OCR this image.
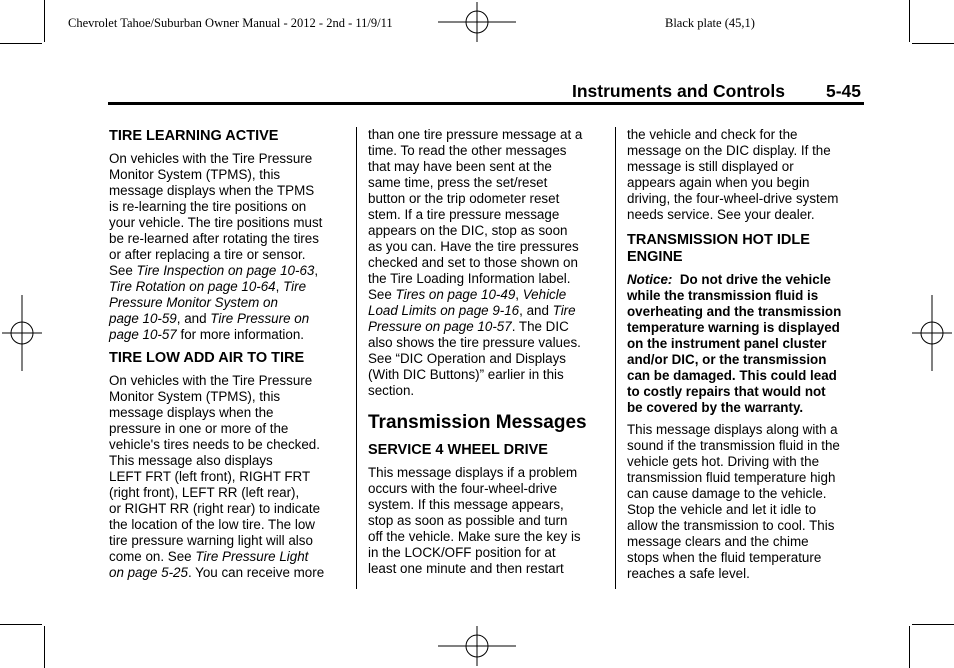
Chevrolet Tahoe/Suburban Owner Manual - 2012 - 2nd - 11/9/11	Black plate (45,1)
Instruments and Controls 5-45
TIRE LEARNING ACTIVE
On vehicles with the Tire Pressure
Monitor System (TPMS), this
message displays when the TPMS
is re-learning the tire positions on
your vehicle. The tire positions must
be re-learned after rotating the tires
or after replacing a tire or sensor.
See Tire Inspection on page 10-63,
Tire Rotation on page 10-64, Tire
Pressure Monitor System on
page 10-59, and Tire Pressure on
page 10-57 for more information.
TIRE LOW ADD AIR TO TIRE
On vehicles with the Tire Pressure
Monitor System (TPMS), this
message displays when the
pressure in one or more of the
vehicle's tires needs to be checked.
This message also displays
LEFT FRT (left front), RIGHT FRT
(right front), LEFT RR (left rear),
or RIGHT RR (right rear) to indicate
the location of the low tire. The low
tire pressure warning light will also
come on. See Tire Pressure Light
on page 5-25. You can receive more
than one tire pressure message at a
time. To read the other messages
that may have been sent at the
same time, press the set/reset
button or the trip odometer reset
stem. If a tire pressure message
appears on the DIC, stop as soon
as you can. Have the tire pressures
checked and set to those shown on
the Tire Loading Information label.
See Tires on page 10-49, Vehicle
Load Limits on page 9-16, and Tire
Pressure on page 10-57. The DIC
also shows the tire pressure values.
See “DIC Operation and Displays
(With DIC Buttons)” earlier in this
section.
Transmission Messages
SERVICE 4 WHEEL DRIVE
This message displays if a problem
occurs with the four-wheel-drive
system. If this message appears,
stop as soon as possible and turn
off the vehicle. Make sure the key is
in the LOCK/OFF position for at
least one minute and then restart
the vehicle and check for the
message on the DIC display. If the
message is still displayed or
appears again when you begin
driving, the four-wheel-drive system
needs service. See your dealer.
TRANSMISSION HOT IDLE
ENGINE
Notice:  Do not drive the vehicle
while the transmission fluid is
overheating and the transmission
temperature warning is displayed
on the instrument panel cluster
and/or DIC, or the transmission
can be damaged. This could lead
to costly repairs that would not
be covered by the warranty.
This message displays along with a
sound if the transmission fluid in the
vehicle gets hot. Driving with the
transmission fluid temperature high
can cause damage to the vehicle.
Stop the vehicle and let it idle to
allow the transmission to cool. This
message clears and the chime
stops when the fluid temperature
reaches a safe level.
